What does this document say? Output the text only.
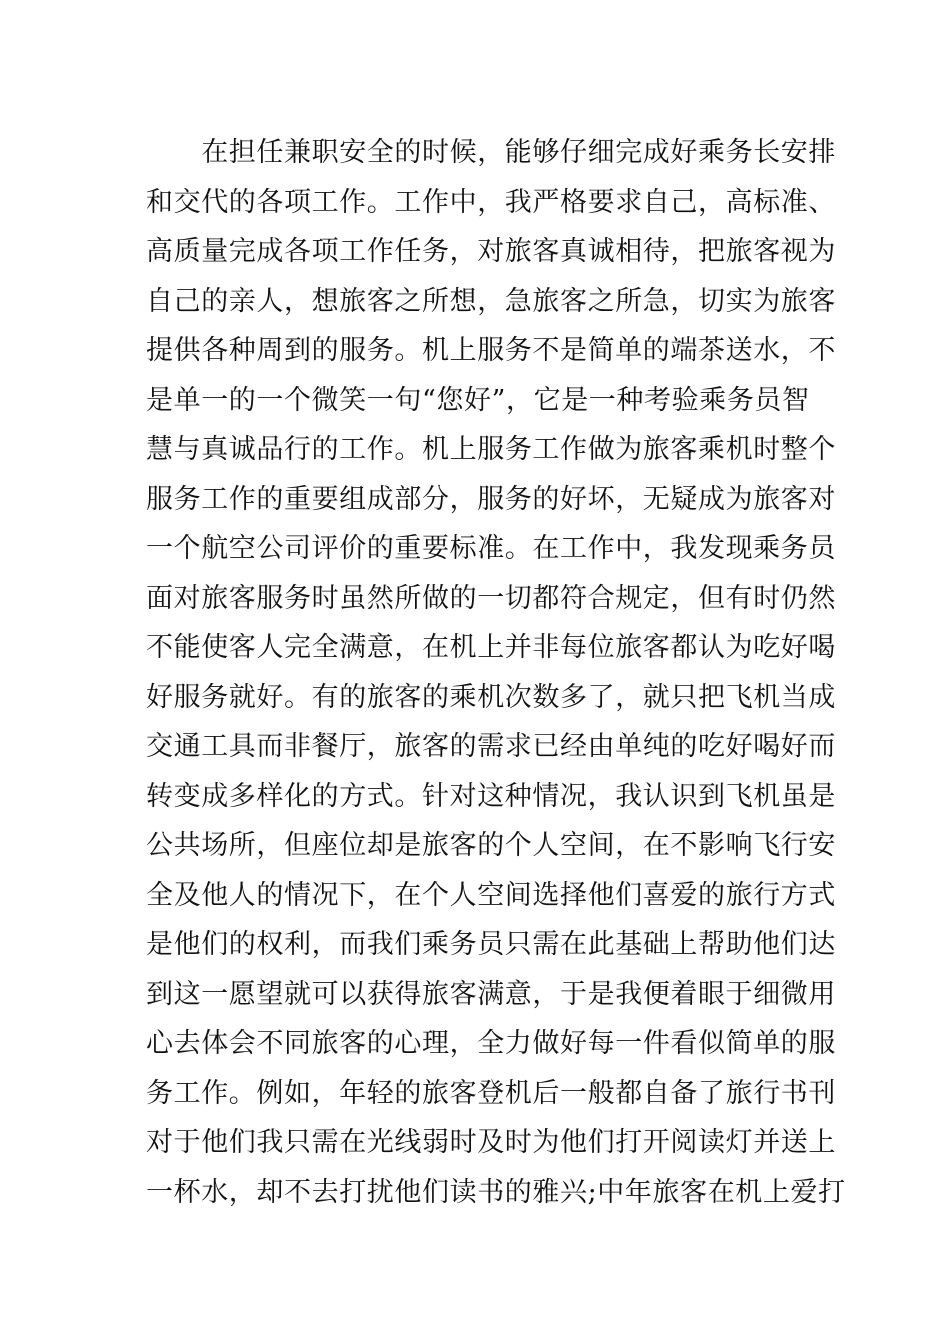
　　在担任兼职安全的时候，能够仔细完成好乘务长安排
和交代的各项工作。工作中，我严格要求自己，高标准、
高质量完成各项工作任务，对旅客真诚相待，把旅客视为
自己的亲人，想旅客之所想，急旅客之所急，切实为旅客
提供各种周到的服务。机上服务不是简单的端茶送水，不
是单一的一个微笑一句“您好”，它是一种考验乘务员智
慧与真诚品行的工作。机上服务工作做为旅客乘机时整个
服务工作的重要组成部分，服务的好坏，无疑成为旅客对
一个航空公司评价的重要标准。在工作中，我发现乘务员
面对旅客服务时虽然所做的一切都符合规定，但有时仍然
不能使客人完全满意，在机上并非每位旅客都认为吃好喝
好服务就好。有的旅客的乘机次数多了，就只把飞机当成
交通工具而非餐厅，旅客的需求已经由单纯的吃好喝好而
转变成多样化的方式。针对这种情况，我认识到飞机虽是
公共场所，但座位却是旅客的个人空间，在不影响飞行安
全及他人的情况下，在个人空间选择他们喜爱的旅行方式
是他们的权利，而我们乘务员只需在此基础上帮助他们达
到这一愿望就可以获得旅客满意，于是我便着眼于细微用
心去体会不同旅客的心理，全力做好每一件看似简单的服
务工作。例如，年轻的旅客登机后一般都自备了旅行书刊
对于他们我只需在光线弱时及时为他们打开阅读灯并送上
一杯水，却不去打扰他们读书的雅兴;中年旅客在机上爱打
